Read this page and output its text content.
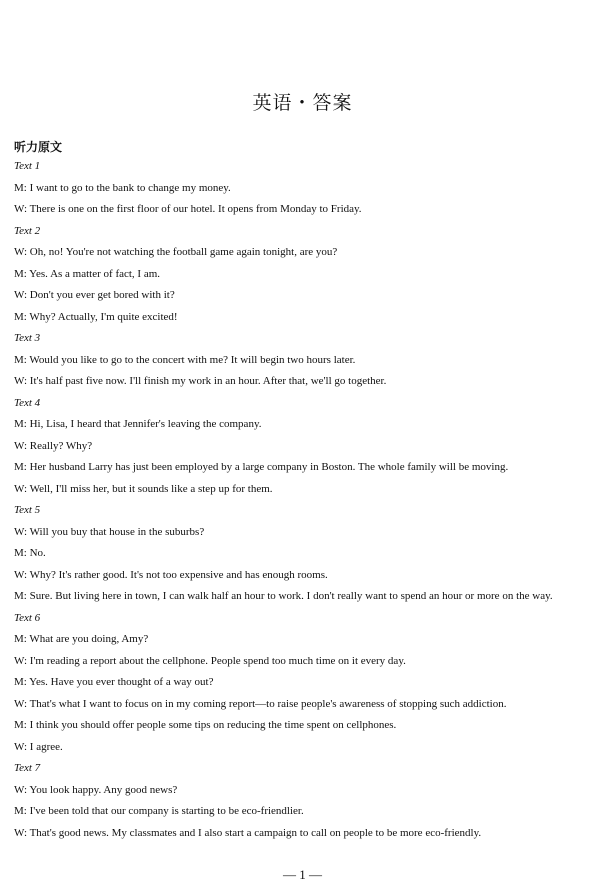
英语・答案
听力原文
Text 1
M: I want to go to the bank to change my money.
W: There is one on the first floor of our hotel. It opens from Monday to Friday.
Text 2
W: Oh, no! You're not watching the football game again tonight, are you?
M: Yes. As a matter of fact, I am.
W: Don't you ever get bored with it?
M: Why? Actually, I'm quite excited!
Text 3
M: Would you like to go to the concert with me? It will begin two hours later.
W: It's half past five now. I'll finish my work in an hour. After that, we'll go together.
Text 4
M: Hi, Lisa, I heard that Jennifer's leaving the company.
W: Really? Why?
M: Her husband Larry has just been employed by a large company in Boston. The whole family will be moving.
W: Well, I'll miss her, but it sounds like a step up for them.
Text 5
W: Will you buy that house in the suburbs?
M: No.
W: Why? It's rather good. It's not too expensive and has enough rooms.
M: Sure. But living here in town, I can walk half an hour to work. I don't really want to spend an hour or more on the way.
Text 6
M: What are you doing, Amy?
W: I'm reading a report about the cellphone. People spend too much time on it every day.
M: Yes. Have you ever thought of a way out?
W: That's what I want to focus on in my coming report—to raise people's awareness of stopping such addiction.
M: I think you should offer people some tips on reducing the time spent on cellphones.
W: I agree.
Text 7
W: You look happy. Any good news?
M: I've been told that our company is starting to be eco-friendlier.
W: That's good news. My classmates and I also start a campaign to call on people to be more eco-friendly.
— 1 —
